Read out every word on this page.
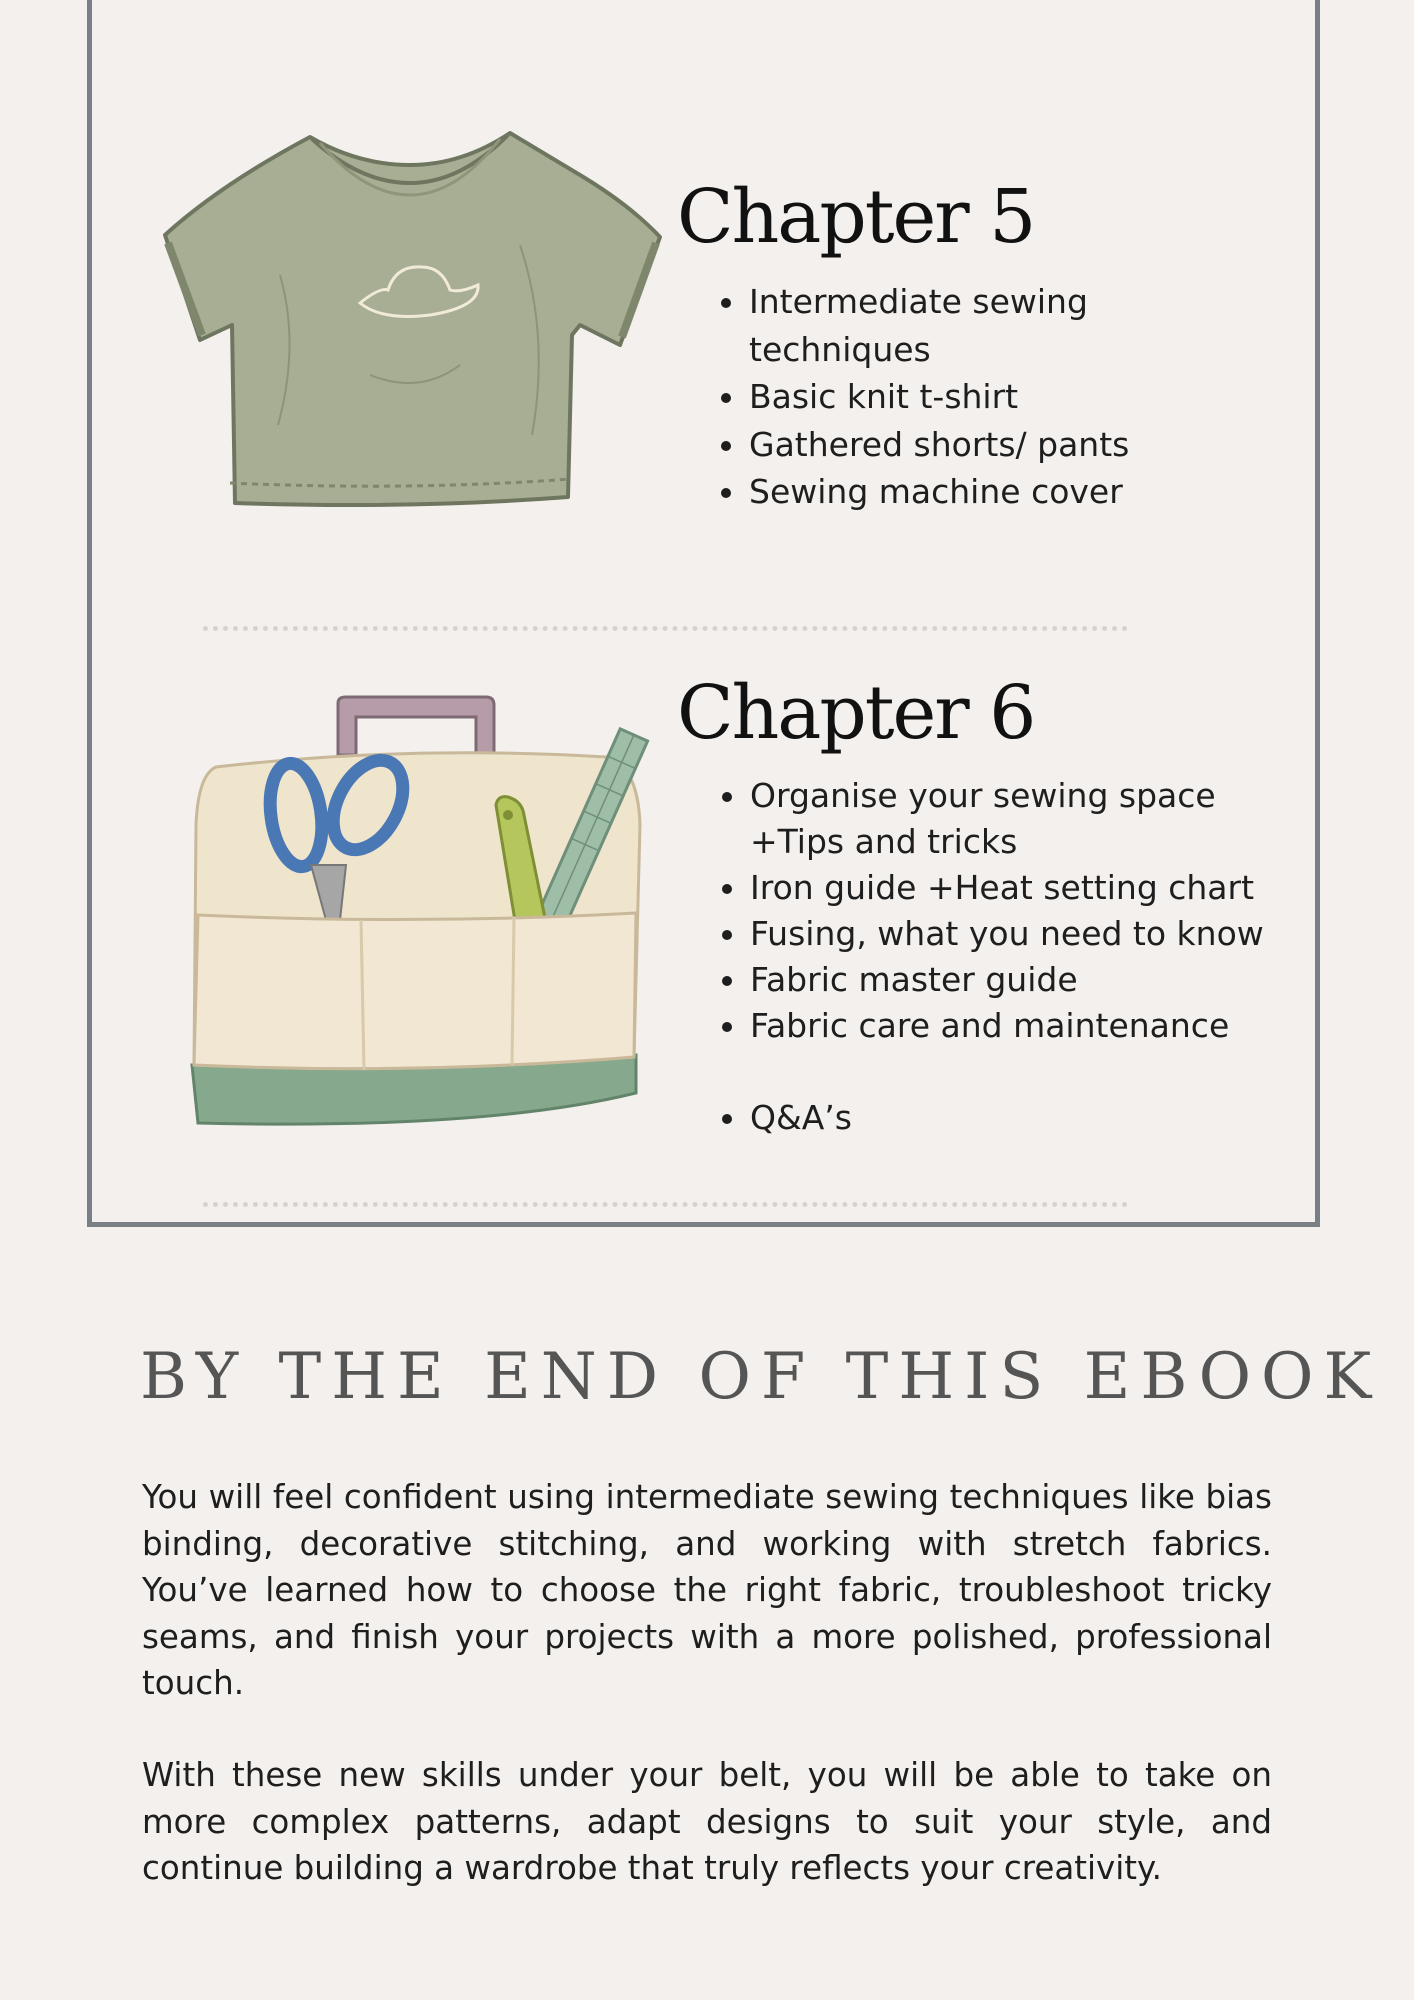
Chapter 5
Intermediate sewing techniques
Basic knit t-shirt
Gathered shorts/ pants
Sewing machine cover
Chapter 6
Organise your sewing space +Tips and tricks
Iron guide +Heat setting chart
Fusing, what you need to know
Fabric master guide
Fabric care and maintenance
Q&A’s
BY THE END OF THIS EBOOK

You will feel confident using intermediate sewing techniques like bias binding, decorative stitching, and working with stretch fabrics. You’ve learned how to choose the right fabric, troubleshoot tricky seams, and finish your projects with a more polished, professional touch.

With these new skills under your belt, you will be able to take on more complex patterns, adapt designs to suit your style, and continue building a wardrobe that truly reflects your creativity.
